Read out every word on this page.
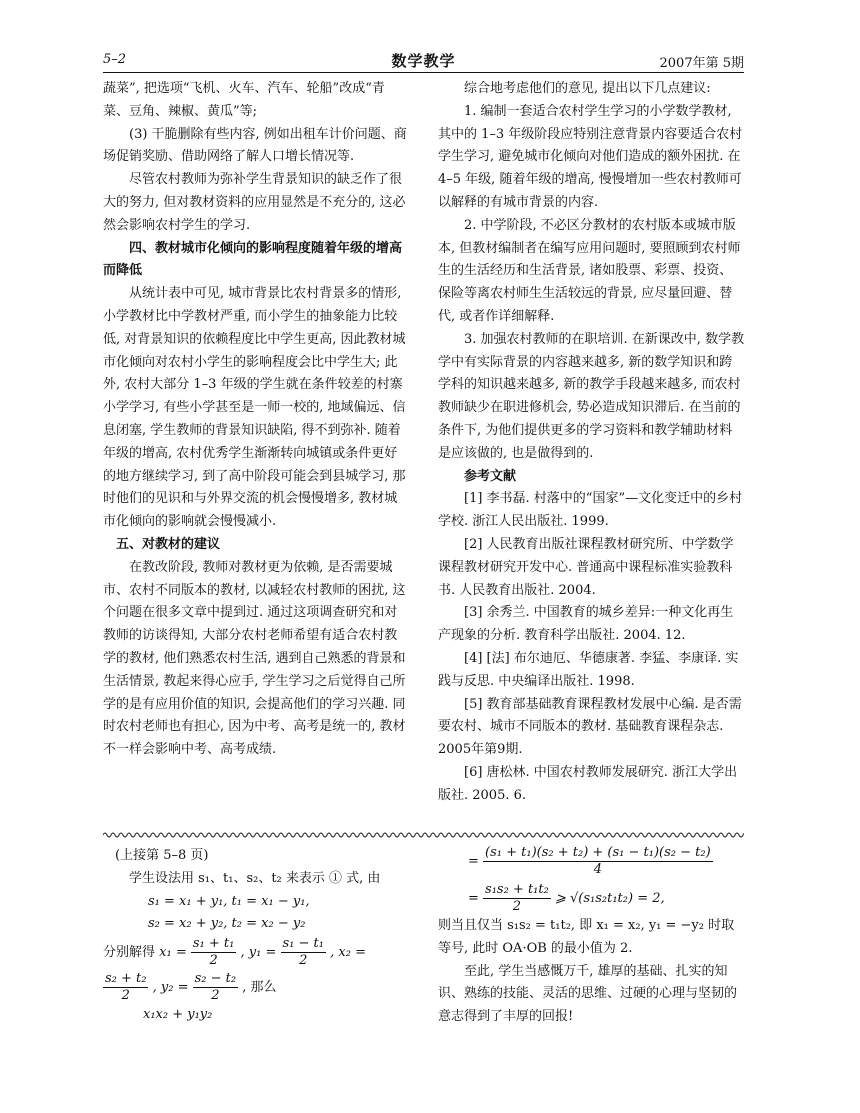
5–2	数学教学	2007年第 5期

蔬菜”, 把选项“飞机、火车、汽车、轮船”改成“青菜、豆角、辣椒、黄瓜”等;

(3) 干脆删除有些内容, 例如出租车计价问题、商场促销奖励、借助网络了解人口增长情况等.

尽管农村教师为弥补学生背景知识的缺乏作了很大的努力, 但对教材资料的应用显然是不充分的, 这必然会影响农村学生的学习.

四、教材城市化倾向的影响程度随着年级的增高而降低

从统计表中可见, 城市背景比农村背景多的情形, 小学教材比中学教材严重, 而小学生的抽象能力比较低, 对背景知识的依赖程度比中学生更高, 因此教材城市化倾向对农村小学生的影响程度会比中学生大; 此外, 农村大部分 1–3 年级的学生就在条件较差的村寨小学学习, 有些小学甚至是一师一校的, 地域偏远、信息闭塞, 学生教师的背景知识缺陷, 得不到弥补. 随着年级的增高, 农村优秀学生渐渐转向城镇或条件更好的地方继续学习, 到了高中阶段可能会到县城学习, 那时他们的见识和与外界交流的机会慢慢增多, 教材城市化倾向的影响就会慢慢减小.

五、对教材的建议

在教改阶段, 教师对教材更为依赖, 是否需要城市、农村不同版本的教材, 以减轻农村教师的困扰, 这个问题在很多文章中提到过. 通过这项调查研究和对教师的访谈得知, 大部分农村老师希望有适合农村教学的教材, 他们熟悉农村生活, 遇到自己熟悉的背景和生活情景, 教起来得心应手, 学生学习之后觉得自己所学的是有应用价值的知识, 会提高他们的学习兴趣. 同时农村老师也有担心, 因为中考、高考是统一的, 教材不一样会影响中考、高考成绩.

综合地考虑他们的意见, 提出以下几点建议:

1. 编制一套适合农村学生学习的小学数学教材, 其中的 1–3 年级阶段应特别注意背景内容要适合农村学生学习, 避免城市化倾向对他们造成的额外困扰. 在 4–5 年级, 随着年级的增高, 慢慢增加一些农村教师可以解释的有城市背景的内容.

2. 中学阶段, 不必区分教材的农村版本或城市版本, 但教材编制者在编写应用问题时, 要照顾到农村师生的生活经历和生活背景, 诸如股票、彩票、投资、保险等离农村师生生活较远的背景, 应尽量回避、替代, 或者作详细解释.

3. 加强农村教师的在职培训. 在新课改中, 数学教学中有实际背景的内容越来越多, 新的数学知识和跨学科的知识越来越多, 新的教学手段越来越多, 而农村教师缺少在职进修机会, 势必造成知识滞后. 在当前的条件下, 为他们提供更多的学习资料和教学辅助材料是应该做的, 也是做得到的.

参考文献

[1] 李书磊. 村落中的“国家”—文化变迁中的乡村学校. 浙江人民出版社. 1999.

[2] 人民教育出版社课程教材研究所、中学数学课程教材研究开发中心. 普通高中课程标准实验教科书. 人民教育出版社. 2004.

[3] 余秀兰. 中国教育的城乡差异:一种文化再生产现象的分析. 教育科学出版社. 2004. 12.

[4] [法] 布尔迪厄、华德康著. 李猛、李康译. 实践与反思. 中央编译出版社. 1998.

[5] 教育部基础教育课程教材发展中心编. 是否需要农村、城市不同版本的教材. 基础教育课程杂志. 2005年第9期.

[6] 唐松林. 中国农村教师发展研究. 浙江大学出版社. 2005. 6.

(上接第 5–8 页)

学生设法用 s₁、t₁、s₂、t₂ 来表示 ① 式, 由

s₁ = x₁ + y₁, t₁ = x₁ − y₁,

s₂ = x₂ + y₂, t₂ = x₂ − y₂

分别解得 $x_1 = \frac{\text{s₁ + t₁}}{2}$ , $y_1 = \frac{\text{s₁ − t₁}}{2}$ , x₂ =

$\frac{\text{s₂ + t₂}}{2}$ , $y_2 = \frac{\text{s₂ − t₂}}{2}$ , 那么

x₁x₂ + y₁y₂

= $\frac{\text{(s₁ + t₁)(s₂ + t₂) + (s₁ − t₁)(s₂ − t₂)}}{4}$

= $\frac{\text{s₁s₂ + t₁t₂}}{2}$ ⩾ √(s₁s₂t₁t₂) = 2,

则当且仅当 s₁s₂ = t₁t₂, 即 x₁ = x₂, y₁ = −y₂ 时取等号, 此时 OA·OB 的最小值为 2.

至此, 学生当感慨万千, 雄厚的基础、扎实的知识、熟练的技能、灵活的思维、过硬的心理与坚韧的意志得到了丰厚的回报!
